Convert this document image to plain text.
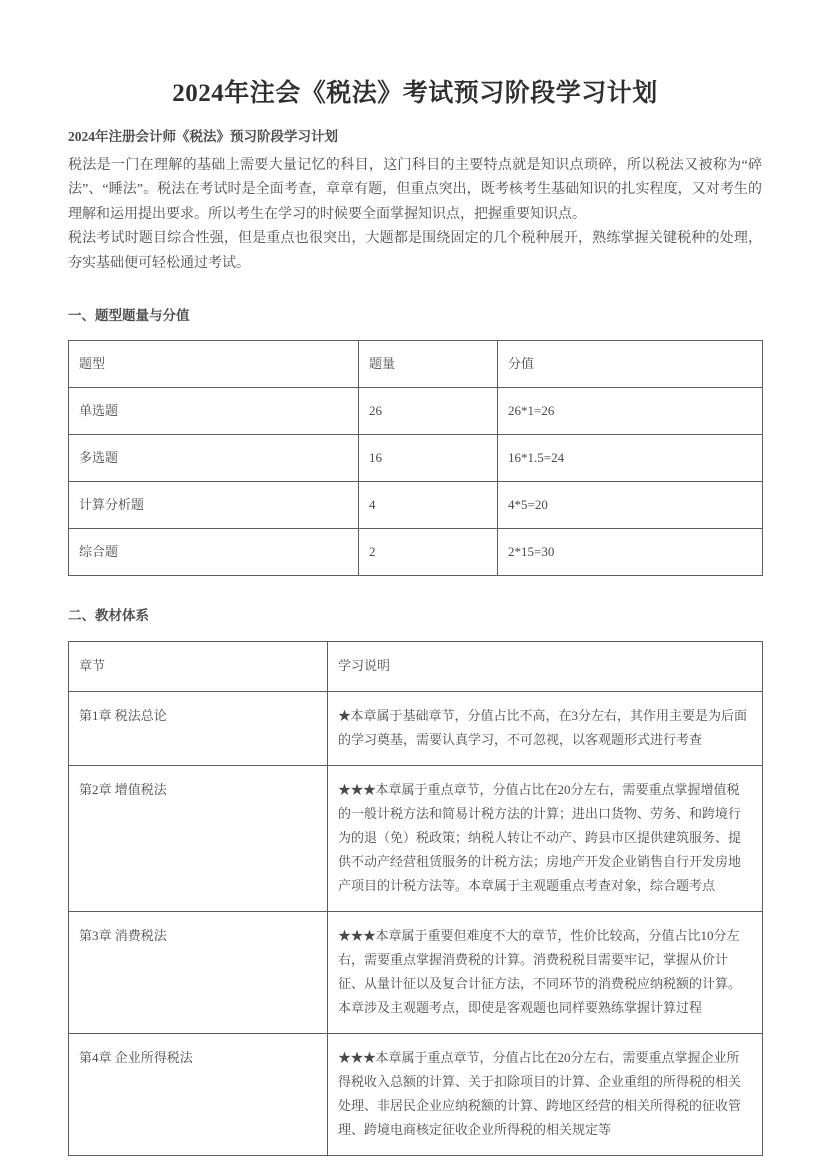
2024年注会《税法》考试预习阶段学习计划

2024年注册会计师《税法》预习阶段学习计划

税法是一门在理解的基础上需要大量记忆的科目，这门科目的主要特点就是知识点琐碎，所以税法又被称为“碎法”、“睡法”。税法在考试时是全面考查，章章有题，但重点突出，既考核考生基础知识的扎实程度，又对考生的理解和运用提出要求。所以考生在学习的时候要全面掌握知识点，把握重要知识点。

税法考试时题目综合性强，但是重点也很突出，大题都是围绕固定的几个税种展开，熟练掌握关键税种的处理，夯实基础便可轻松通过考试。

一、题型题量与分值
题型	题量	分值
单选题	26	26*1=26
多选题	16	16*1.5=24
计算分析题	4	4*5=20
综合题	2	2*15=30
二、教材体系
章节	学习说明
第1章 税法总论	★本章属于基础章节，分值占比不高，在3分左右，其作用主要是为后面的学习奠基，需要认真学习，不可忽视，以客观题形式进行考查
第2章 增值税法	★★★本章属于重点章节，分值占比在20分左右，需要重点掌握增值税的一般计税方法和简易计税方法的计算；进出口货物、劳务、和跨境行为的退（免）税政策；纳税人转让不动产、跨县市区提供建筑服务、提供不动产经营租赁服务的计税方法；房地产开发企业销售自行开发房地产项目的计税方法等。本章属于主观题重点考查对象，综合题考点
第3章 消费税法	★★★本章属于重要但难度不大的章节，性价比较高，分值占比10分左右，需要重点掌握消费税的计算。消费税税目需要牢记，掌握从价计征、从量计征以及复合计征方法，不同环节的消费税应纳税额的计算。本章涉及主观题考点，即使是客观题也同样要熟练掌握计算过程
第4章 企业所得税法	★★★本章属于重点章节，分值占比在20分左右，需要重点掌握企业所得税收入总额的计算、关于扣除项目的计算、企业重组的所得税的相关处理、非居民企业应纳税额的计算、跨地区经营的相关所得税的征收管理、跨境电商核定征收企业所得税的相关规定等
